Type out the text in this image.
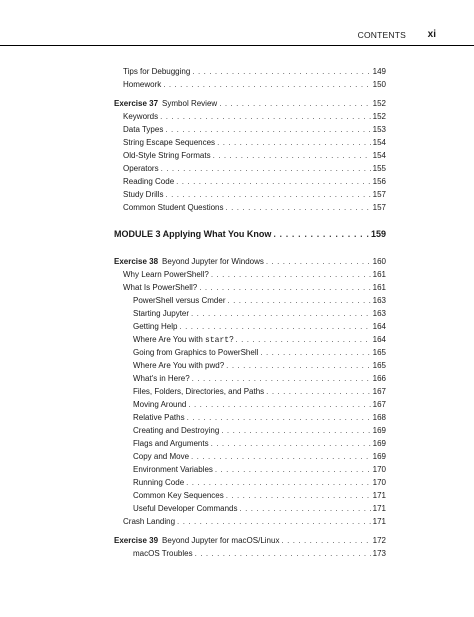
CONTENTS xi
Tips for Debugging . . .	149
Homework . . .	150
Exercise 37 Symbol Review . . .	152
Keywords . . .	152
Data Types . . .	153
String Escape Sequences . . .	154
Old-Style String Formats . . .	154
Operators . . .	155
Reading Code . . .	156
Study Drills . . .	157
Common Student Questions . . .	157
MODULE 3 Applying What You Know . . .	159
Exercise 38 Beyond Jupyter for Windows . . .	160
Why Learn PowerShell? . . .	161
What Is PowerShell? . . .	161
PowerShell versus Cmder . . .	163
Starting Jupyter . . .	163
Getting Help . . .	164
Where Are You with start? . . .	164
Going from Graphics to PowerShell . . .	165
Where Are You with pwd? . . .	165
What's in Here? . . .	166
Files, Folders, Directories, and Paths . . .	167
Moving Around . . .	167
Relative Paths . . .	168
Creating and Destroying . . .	169
Flags and Arguments . . .	169
Copy and Move . . .	169
Environment Variables . . .	170
Running Code . . .	170
Common Key Sequences . . .	171
Useful Developer Commands . . .	171
Crash Landing . . .	171
Exercise 39 Beyond Jupyter for macOS/Linux . . .	172
macOS Troubles . . .	173
